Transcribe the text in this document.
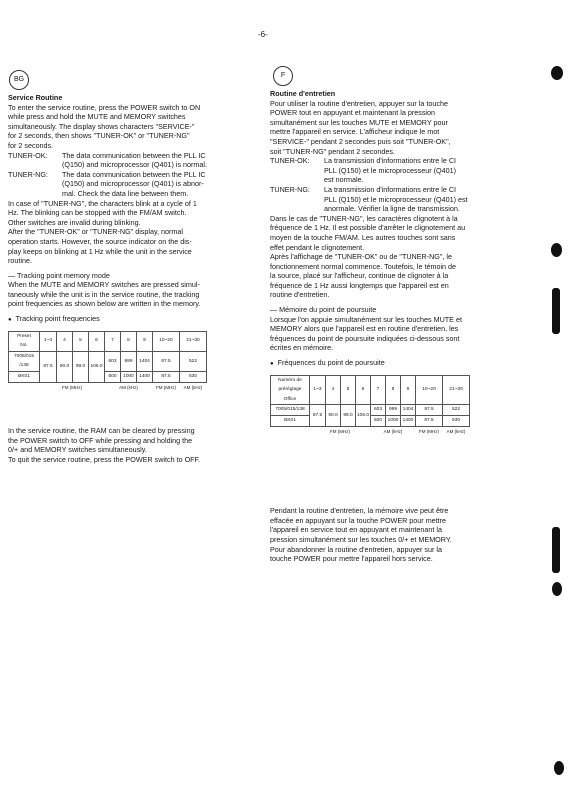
-6-
BG

Service Routine

To enter the service routine, press the POWER switch to ON

while press and hold the MUTE and MEMORY switches

simultaneously. The display shows characters "SERVICE-"

for 2 seconds, then shows "TUNER-OK" or "TUNER-NG"

for 2 seconds.

TUNER-OK:	The data communication between the PLL IC

(Q150) and microprocessor (Q401) is normal.

TUNER-NG:	The data communication between the PLL IC

(Q150) and microprocessor (Q401) is abnor-

mal. Check the data line between them.

In case of "TUNER-NG", the characters blink at a cycle of 1

Hz. The blinking can be stopped with the FM/AM switch.

Other switches are invalid during blinking.

After the "TUNER-OK" or "TUNER-NG" display, normal

operation starts. However, the source indicator on the dis-

play keeps on blinking at 1 Hz while the unit in the service

routine.

— Tracking point memory mode

When the MUTE and MEMORY switches are pressed simul-

taneously while the unit is in the service routine, the tracking

point frequencies as shown below are written in the memory.

● Tracking point frequencies

Preset
No.	1~3	4	5	6	7	8	9	10~20	21~30
7005/015
/138	87.5	90.0	98.0	106.0	603	999	1404	87.5	522
BK01					600	1000	1400	87.5	530
	FM (MHz)				AM (kHz)			FM (MHz)	AM (kHz)

In the service routine, the RAM can be cleared by pressing

the POWER switch to OFF while pressing and holding the

0/+ and MEMORY switches simultaneously.

To quit the service routine, press the POWER switch to OFF.

F

Routine d'entretien

Pour utiliser la routine d'entretien, appuyer sur la touche

POWER tout en appuyant et maintenant la pression

simultanément sur les touches MUTE et MEMORY pour

mettre l'appareil en service. L'afficheur indique le mot

"SERVICE-" pendant 2 secondes puis soit "TUNER-OK",

soit "TUNER-NG" pendant 2 secondes.

TUNER-OK:	La transmission d'informations entre le CI

PLL (Q150) et le microprocesseur (Q401)

est normale.

TUNER-NG:	La transmission d'informations entre le CI

PLL (Q150) et le microprocesseur (Q401) est

anormale. Vérifier la ligne de transmission.

Dans le cas de "TUNER-NG", les caractères clignotent à la

fréquence de 1 Hz. Il est possible d'arrêter le clignotement au

moyen de la touche FM/AM. Les autres touches sont sans

effet pendant le clignotement.

Après l'affichage de "TUNER-OK" ou de "TUNER-NG", le

fonctionnement normal commence. Toutefois, le témoin de

la source, placé sur l'afficheur, continue de clignoter à la

fréquence de 1 Hz aussi longtemps que l'appareil est en

routine d'entretien.

— Mémoire du point de poursuite

Lorsque l'on appuie simultanément sur les touches MUTE et

MEMORY alors que l'appareil est en routine d'entretien, les

fréquences du point de poursuite indiquées ci-dessous sont

écrites en mémoire.

● Fréquences du point de poursuite

Numéro de
préréglage
Office	1~3	4	5	6	7	8	9	10~20	21~30
7005/015/138	87.5	90.0	98.0	106.0	603	999	1404	87.5	522
BK01					600	1000	1400	87.5	530
	FM (MHz)				AM (kHz)			FM (MHz)	AM (kHz)

Pendant la routine d'entretien, la mémoire vive peut être

effacée en appuyant sur la touche POWER pour mettre

l'appareil en service tout en appuyant et maintenant la

pression simultanément sur les touches 0/+ et MEMORY.

Pour abandonner la routine d'entretien, appuyer sur la

touche POWER pour mettre l'appareil hors service.
